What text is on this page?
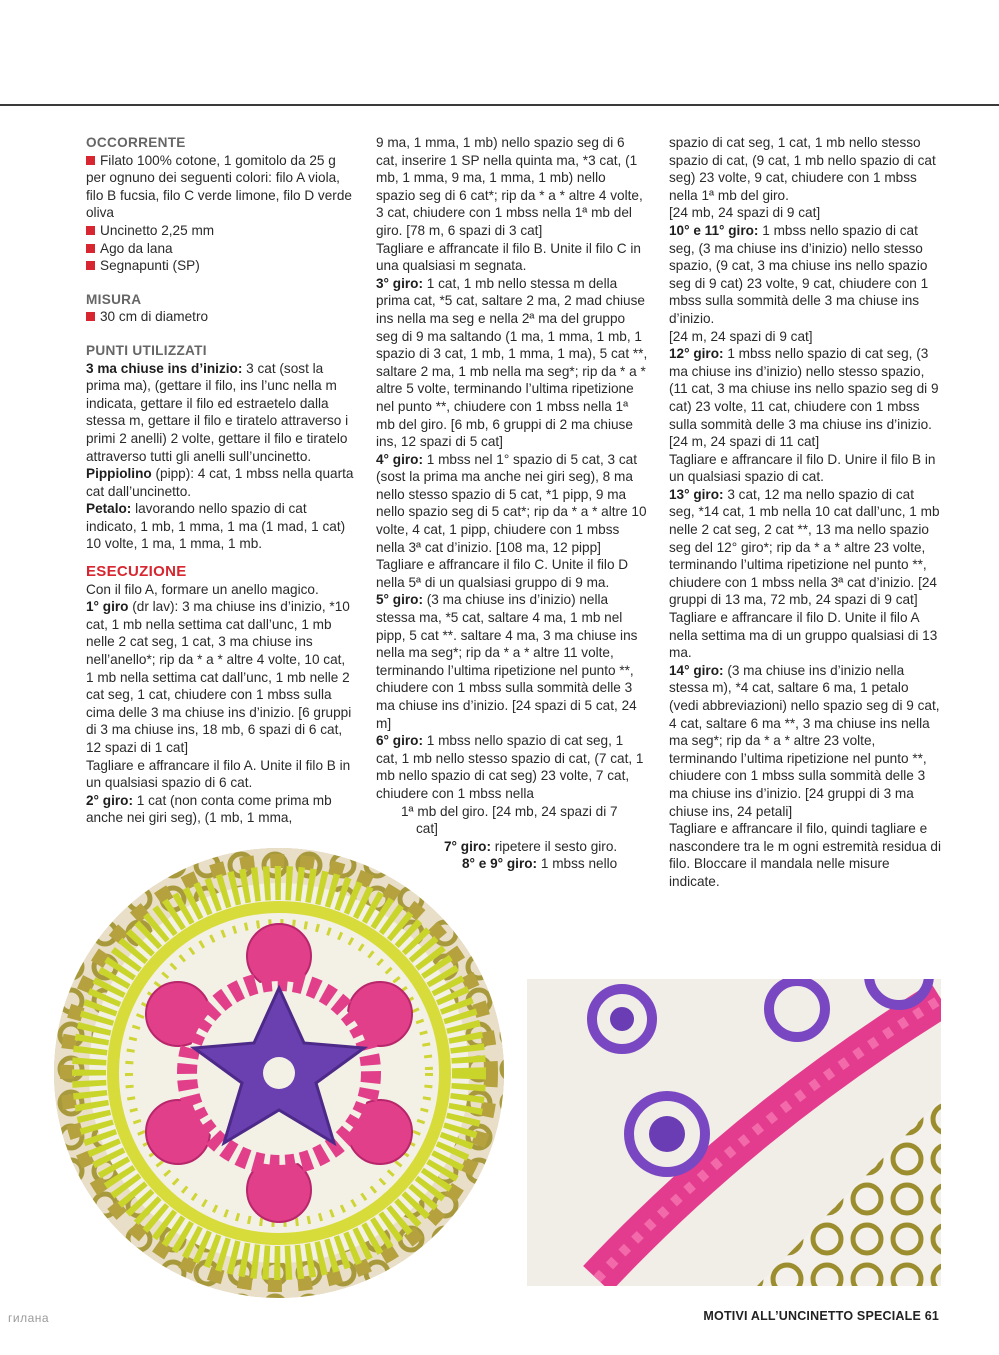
OCCORRENTE

Filato 100% cotone, 1 gomitolo da 25 g per ognuno dei seguenti colori: filo A viola, filo B fucsia, filo C verde limone, filo D verde oliva

Uncinetto 2,25 mm

Ago da lana

Segnapunti (SP)

MISURA

30 cm di diametro

PUNTI UTILIZZATI

3 ma chiuse ins d’inizio: 3 cat (sost la prima ma), (gettare il filo, ins l’unc nella m indicata, gettare il filo ed estraetelo dalla stessa m, gettare il filo e tiratelo attraverso i primi 2 anelli) 2 volte, gettare il filo e tiratelo attraverso tutti gli anelli sull’uncinetto.

Pippiolino (pipp): 4 cat, 1 mbss nella quarta cat dall’uncinetto.

Petalo: lavorando nello spazio di cat indicato, 1 mb, 1 mma, 1 ma (1 mad, 1 cat) 10 volte, 1 ma, 1 mma, 1 mb.

ESECUZIONE

Con il filo A, formare un anello magico.

1° giro (dr lav): 3 ma chiuse ins d’inizio, *10 cat, 1 mb nella settima cat dall’unc, 1 mb nelle 2 cat seg, 1 cat, 3 ma chiuse ins nell’anello*; rip da * a * altre 4 volte, 10 cat, 1 mb nella settima cat dall’unc, 1 mb nelle 2 cat seg, 1 cat, chiudere con 1 mbss sulla cima delle 3 ma chiuse ins d’inizio. [6 gruppi di 3 ma chiuse ins, 18 mb, 6 spazi di 6 cat, 12 spazi di 1 cat]

Tagliare e affrancare il filo A. Unite il filo B in un qualsiasi spazio di 6 cat.

2° giro: 1 cat (non conta come prima mb anche nei giri seg), (1 mb, 1 mma,

9 ma, 1 mma, 1 mb) nello spazio seg di 6 cat, inserire 1 SP nella quinta ma, *3 cat, (1 mb, 1 mma, 9 ma, 1 mma, 1 mb) nello spazio seg di 6 cat*; rip da * a * altre 4 volte, 3 cat, chiudere con 1 mbss nella 1ª mb del giro. [78 m, 6 spazi di 3 cat]

Tagliare e affrancate il filo B. Unite il filo C in una qualsiasi m segnata.

3° giro: 1 cat, 1 mb nello stessa m della prima cat, *5 cat, saltare 2 ma, 2 mad chiuse ins nella ma seg e nella 2ª ma del gruppo seg di 9 ma saltando (1 ma, 1 mma, 1 mb, 1 spazio di 3 cat, 1 mb, 1 mma, 1 ma), 5 cat **, saltare 2 ma, 1 mb nella ma seg*; rip da * a * altre 5 volte, terminando l’ultima ripetizione nel punto **, chiudere con 1 mbss nella 1ª mb del giro. [6 mb, 6 gruppi di 2 ma chiuse ins, 12 spazi di 5 cat]

4° giro: 1 mbss nel 1° spazio di 5 cat, 3 cat (sost la prima ma anche nei giri seg), 8 ma nello stesso spazio di 5 cat, *1 pipp, 9 ma nello spazio seg di 5 cat*; rip da * a * altre 10 volte, 4 cat, 1 pipp, chiudere con 1 mbss nella 3ª cat d’inizio. [108 ma, 12 pipp]

Tagliare e affrancare il filo C. Unite il filo D nella 5ª di un qualsiasi gruppo di 9 ma.

5° giro: (3 ma chiuse ins d’inizio) nella stessa ma, *5 cat, saltare 4 ma, 1 mb nel pipp, 5 cat **. saltare 4 ma, 3 ma chiuse ins nella ma seg*; rip da * a * altre 11 volte, terminando l’ultima ripetizione nel punto **, chiudere con 1 mbss sulla sommità delle 3 ma chiuse ins d’inizio. [24 spazi di 5 cat, 24 m]

6° giro: 1 mbss nello spazio di cat seg, 1 cat, 1 mb nello stesso spazio di cat, (7 cat, 1 mb nello spazio di cat seg) 23 volte, 7 cat, chiudere con 1 mbss nella

1ª mb del giro. [24 mb, 24 spazi di 7

cat]

7° giro: ripetere il sesto giro.

8° e 9° giro: 1 mbss nello

spazio di cat seg, 1 cat, 1 mb nello stesso spazio di cat, (9 cat, 1 mb nello spazio di cat seg) 23 volte, 9 cat, chiudere con 1 mbss nella 1ª mb del giro.

[24 mb, 24 spazi di 9 cat]

10° e 11° giro: 1 mbss nello spazio di cat seg, (3 ma chiuse ins d’inizio) nello stesso spazio, (9 cat, 3 ma chiuse ins nello spazio seg di 9 cat) 23 volte, 9 cat, chiudere con 1 mbss sulla sommità delle 3 ma chiuse ins d’inizio.

[24 m, 24 spazi di 9 cat]

12° giro: 1 mbss nello spazio di cat seg, (3 ma chiuse ins d’inizio) nello stesso spazio, (11 cat, 3 ma chiuse ins nello spazio seg di 9 cat) 23 volte, 11 cat, chiudere con 1 mbss sulla sommità delle 3 ma chiuse ins d’inizio.

[24 m, 24 spazi di 11 cat]

Tagliare e affrancare il filo D. Unire il filo B in un qualsiasi spazio di cat.

13° giro: 3 cat, 12 ma nello spazio di cat seg, *14 cat, 1 mb nella 10 cat dall’unc, 1 mb nelle 2 cat seg, 2 cat **, 13 ma nello spazio seg del 12° giro*; rip da * a * altre 23 volte, terminando l’ultima ripetizione nel punto **, chiudere con 1 mbss nella 3ª cat d’inizio. [24 gruppi di 13 ma, 72 mb, 24 spazi di 9 cat]

Tagliare e affrancare il filo D. Unite il filo A nella settima ma di un gruppo qualsiasi di 13 ma.

14° giro: (3 ma chiuse ins d’inizio nella stessa m), *4 cat, saltare 6 ma, 1 petalo (vedi abbreviazioni) nello spazio seg di 9 cat, 4 cat, saltare 6 ma **, 3 ma chiuse ins nella ma seg*; rip da * a * altre 23 volte, terminando l’ultima ripetizione nel punto **, chiudere con 1 mbss sulla sommità delle 3 ma chiuse ins d’inizio. [24 gruppi di 3 ma chiuse ins, 24 petali]

Tagliare e affrancare il filo, quindi tagliare e nascondere tra le m ogni estremità residua di filo. Bloccare il mandala nelle misure indicate.

гилана	MOTIVI ALL’UNCINETTO SPECIALE 61
